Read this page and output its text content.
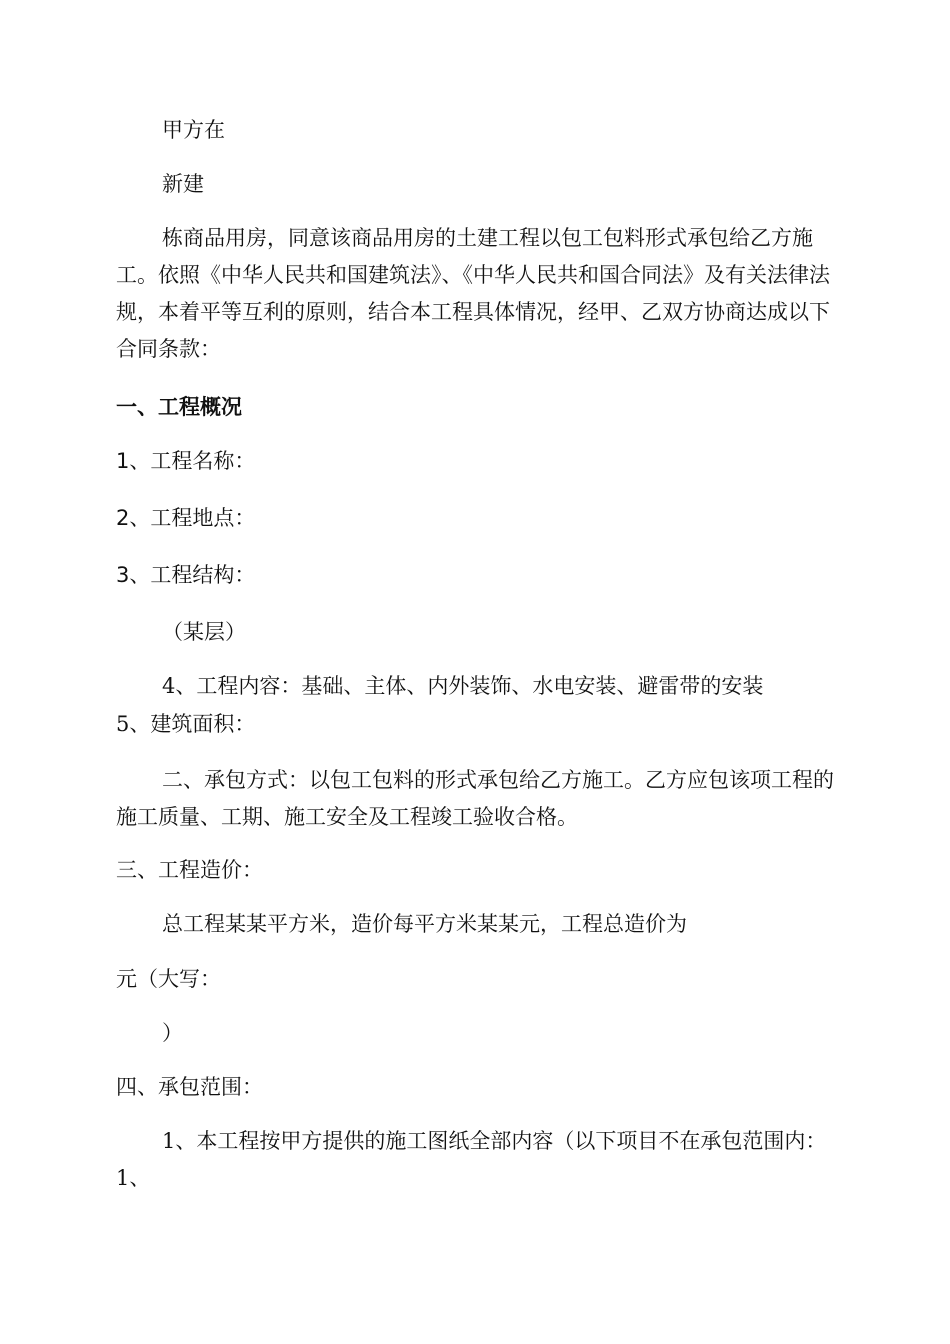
甲方在
新建
栋商品用房，同意该商品用房的土建工程以包工包料形式承包给乙方施工。依照《中华人民共和国建筑法》、《中华人民共和国合同法》及有关法律法规，本着平等互利的原则，结合本工程具体情况，经甲、乙双方协商达成以下合同条款：
一、工程概况
1、工程名称：
2、工程地点：
3、工程结构：
（某层）
4、工程内容：基础、主体、内外装饰、水电安装、避雷带的安装
5、建筑面积：
二、承包方式：以包工包料的形式承包给乙方施工。乙方应包该项工程的施工质量、工期、施工安全及工程竣工验收合格。
三、工程造价：
总工程某某平方米，造价每平方米某某元，工程总造价为
元（大写：
）
四、承包范围：
1、本工程按甲方提供的施工图纸全部内容（以下项目不在承包范围内：1、
